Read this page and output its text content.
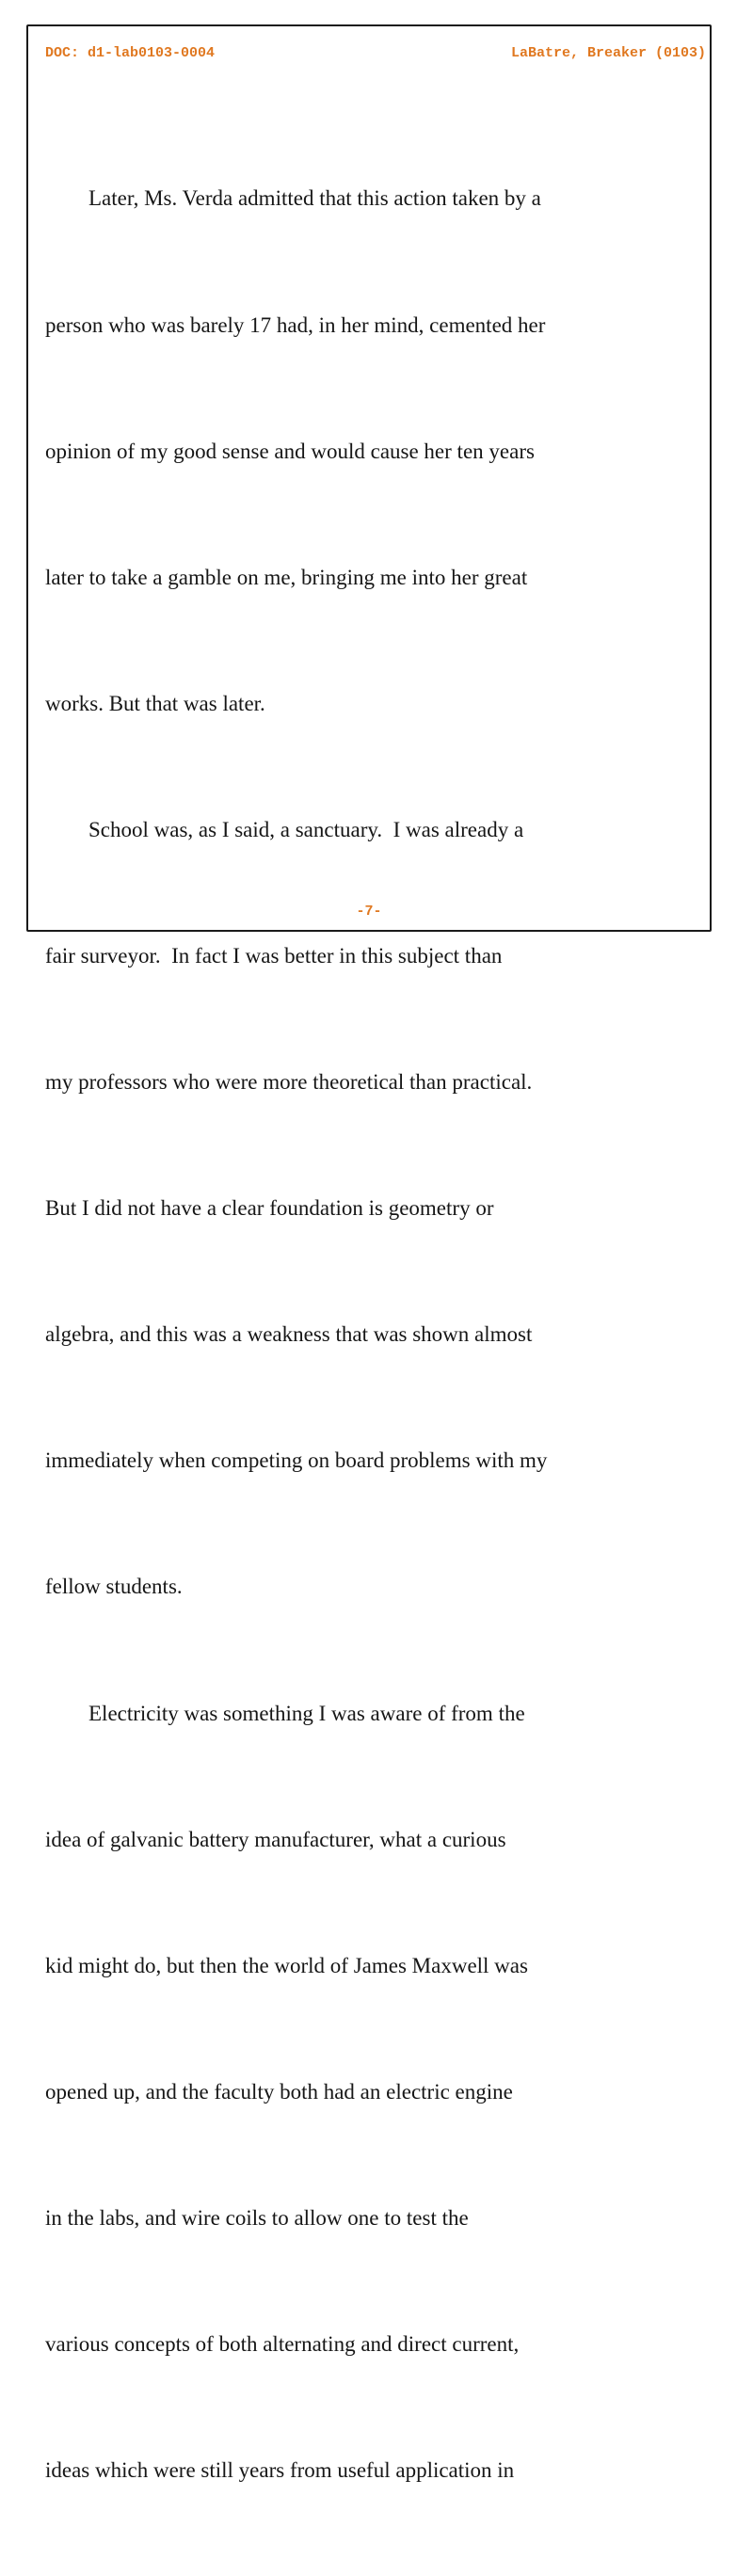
DOC: d1-lab0103-0004	LaBatre, Breaker (0103)

Later, Ms. Verda admitted that this action taken by a

person who was barely 17 had, in her mind, cemented her

opinion of my good sense and would cause her ten years

later to take a gamble on me, bringing me into her great

works. But that was later.

School was, as I said, a sanctuary.  I was already a

fair surveyor.  In fact I was better in this subject than

my professors who were more theoretical than practical.

But I did not have a clear foundation is geometry or

algebra, and this was a weakness that was shown almost

immediately when competing on board problems with my

fellow students.

Electricity was something I was aware of from the

idea of galvanic battery manufacturer, what a curious

kid might do, but then the world of James Maxwell was

opened up, and the faculty both had an electric engine

in the labs, and wire coils to allow one to test the

various concepts of both alternating and direct current,

ideas which were still years from useful application in

-7-
